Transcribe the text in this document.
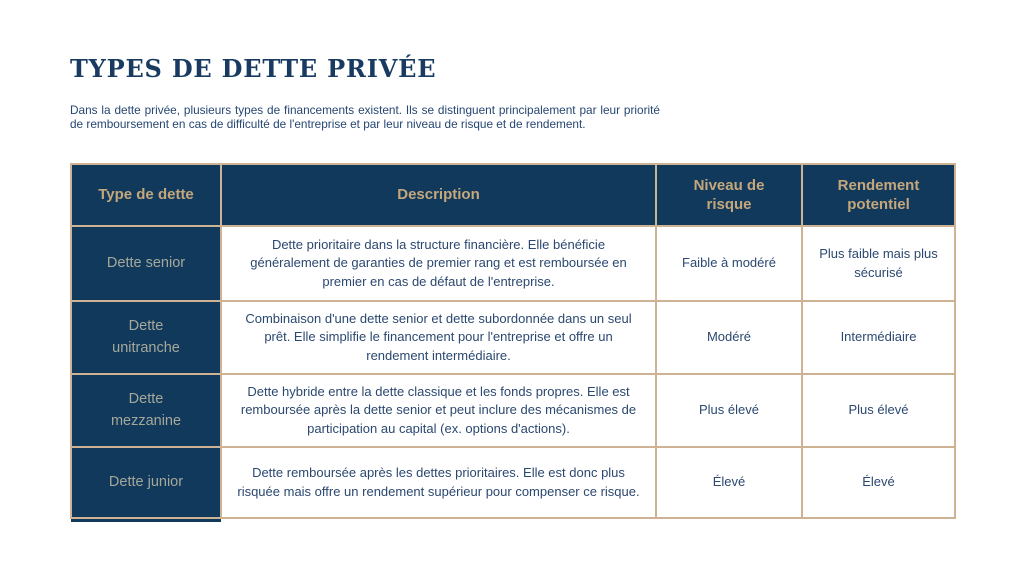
TYPES DE DETTE PRIVÉE

Dans la dette privée, plusieurs types de financements existent. Ils se distinguent principalement par leur priorité de remboursement en cas de difficulté de l'entreprise et par leur niveau de risque et de rendement.

Type de dette	Description	Niveau de risque	Rendement potentiel
Dette senior	Dette prioritaire dans la structure financière. Elle bénéficie généralement de garanties de premier rang et est remboursée en premier en cas de défaut de l'entreprise.	Faible à modéré	Plus faible mais plus sécurisé
Dette unitranche	Combinaison d'une dette senior et dette subordonnée dans un seul prêt. Elle simplifie le financement pour l'entreprise et offre un rendement intermédiaire.	Modéré	Intermédiaire
Dette mezzanine	Dette hybride entre la dette classique et les fonds propres. Elle est remboursée après la dette senior et peut inclure des mécanismes de participation au capital (ex. options d'actions).	Plus élevé	Plus élevé
Dette junior	Dette remboursée après les dettes prioritaires. Elle est donc plus risquée mais offre un rendement supérieur pour compenser ce risque.	Élevé	Élevé
